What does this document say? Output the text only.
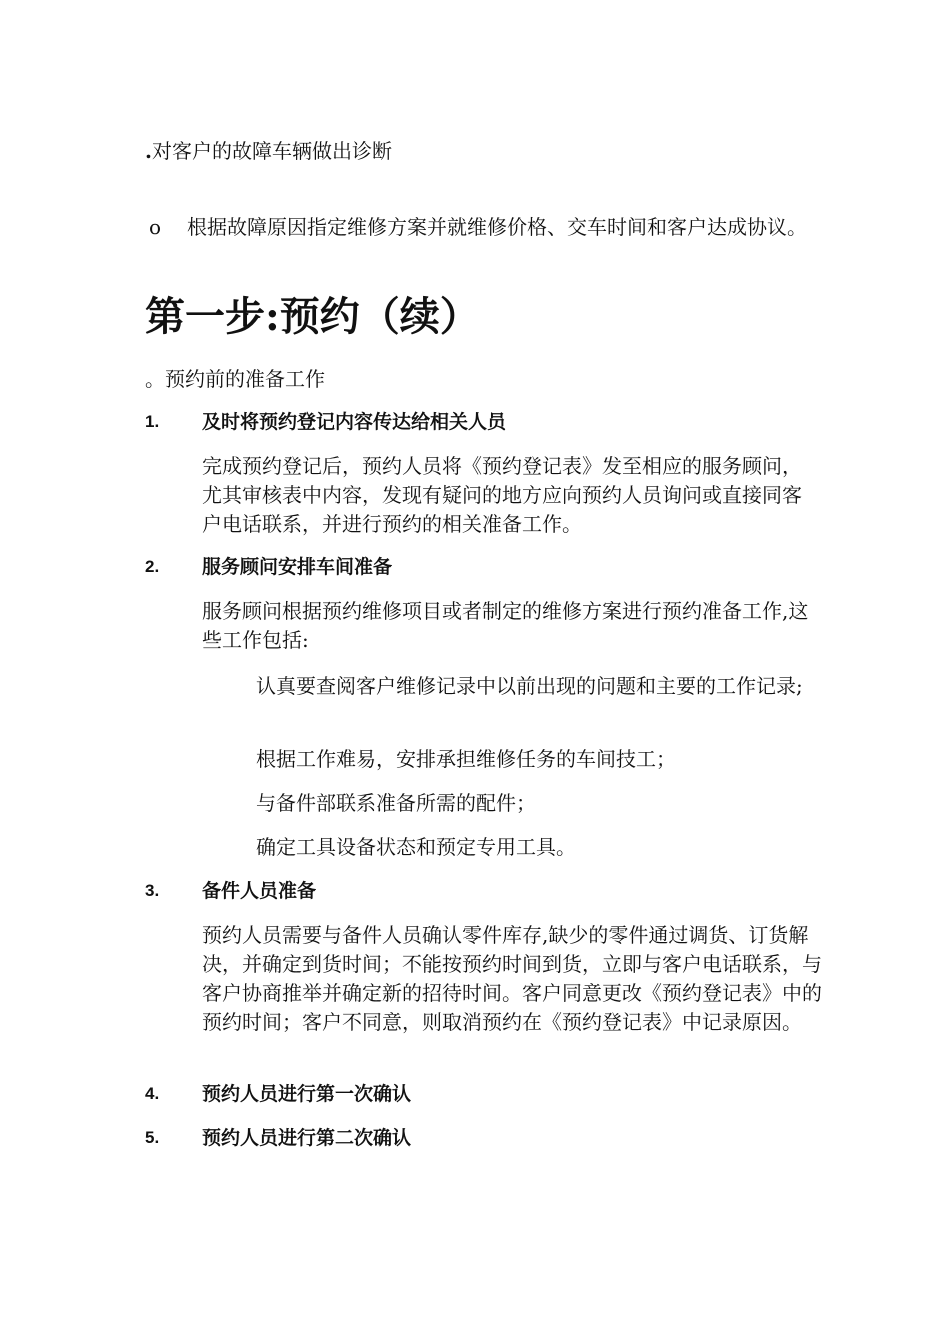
.对客户的故障车辆做出诊断
o 根据故障原因指定维修方案并就维修价格、交车时间和客户达成协议。
第一步:预约（续）
。预约前的准备工作
1. 及时将预约登记内容传达给相关人员
完成预约登记后，预约人员将《预约登记表》发至相应的服务顾问，尤其审核表中内容，发现有疑问的地方应向预约人员询问或直接同客户电话联系，并进行预约的相关准备工作。
2. 服务顾问安排车间准备
服务顾问根据预约维修项目或者制定的维修方案进行预约准备工作,这些工作包括:
认真要查阅客户维修记录中以前出现的问题和主要的工作记录;
根据工作难易，安排承担维修任务的车间技工；
与备件部联系准备所需的配件；
确定工具设备状态和预定专用工具。
3. 备件人员准备
预约人员需要与备件人员确认零件库存,缺少的零件通过调货、订货解决，并确定到货时间；不能按预约时间到货，立即与客户电话联系，与客户协商推举并确定新的招待时间。客户同意更改《预约登记表》中的预约时间；客户不同意，则取消预约在《预约登记表》中记录原因。
4. 预约人员进行第一次确认
5. 预约人员进行第二次确认
